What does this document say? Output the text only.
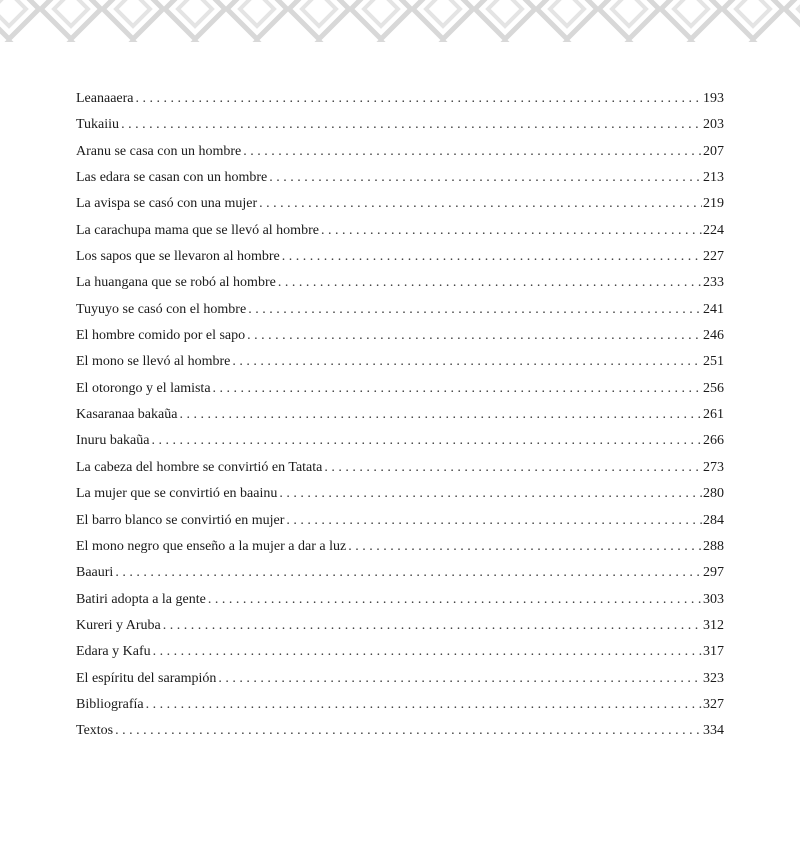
Leanaaera . . .	193
Tukaiiu . . .	203
Aranu se casa con un hombre . . .	207
Las edara se casan con un hombre . . .	213
La avispa se casó con una mujer . . .	219
La carachupa mama que se llevó al hombre . . .	224
Los sapos que se llevaron al hombre . . .	227
La huangana que se robó al hombre . . .	233
Tuyuyo se casó con el hombre . . .	241
El hombre comido por el sapo . . .	246
El mono se llevó al hombre . . .	251
El otorongo y el lamista . . .	256
Kasaranaa bakaũa . . .	261
Inuru bakaũa . . .	266
La cabeza del hombre se convirtió en Tatata . . .	273
La mujer que se convirtió en baainu . . .	280
El barro blanco se convirtió en mujer . . .	284
El mono negro que enseño a la mujer a dar a luz . . .	288
Baauri . . .	297
Batiri adopta a la gente . . .	303
Kureri y Aruba . . .	312
Edara y Kafu . . .	317
El espíritu del sarampión . . .	323
Bibliografía . . .	327
Textos . . .	334
